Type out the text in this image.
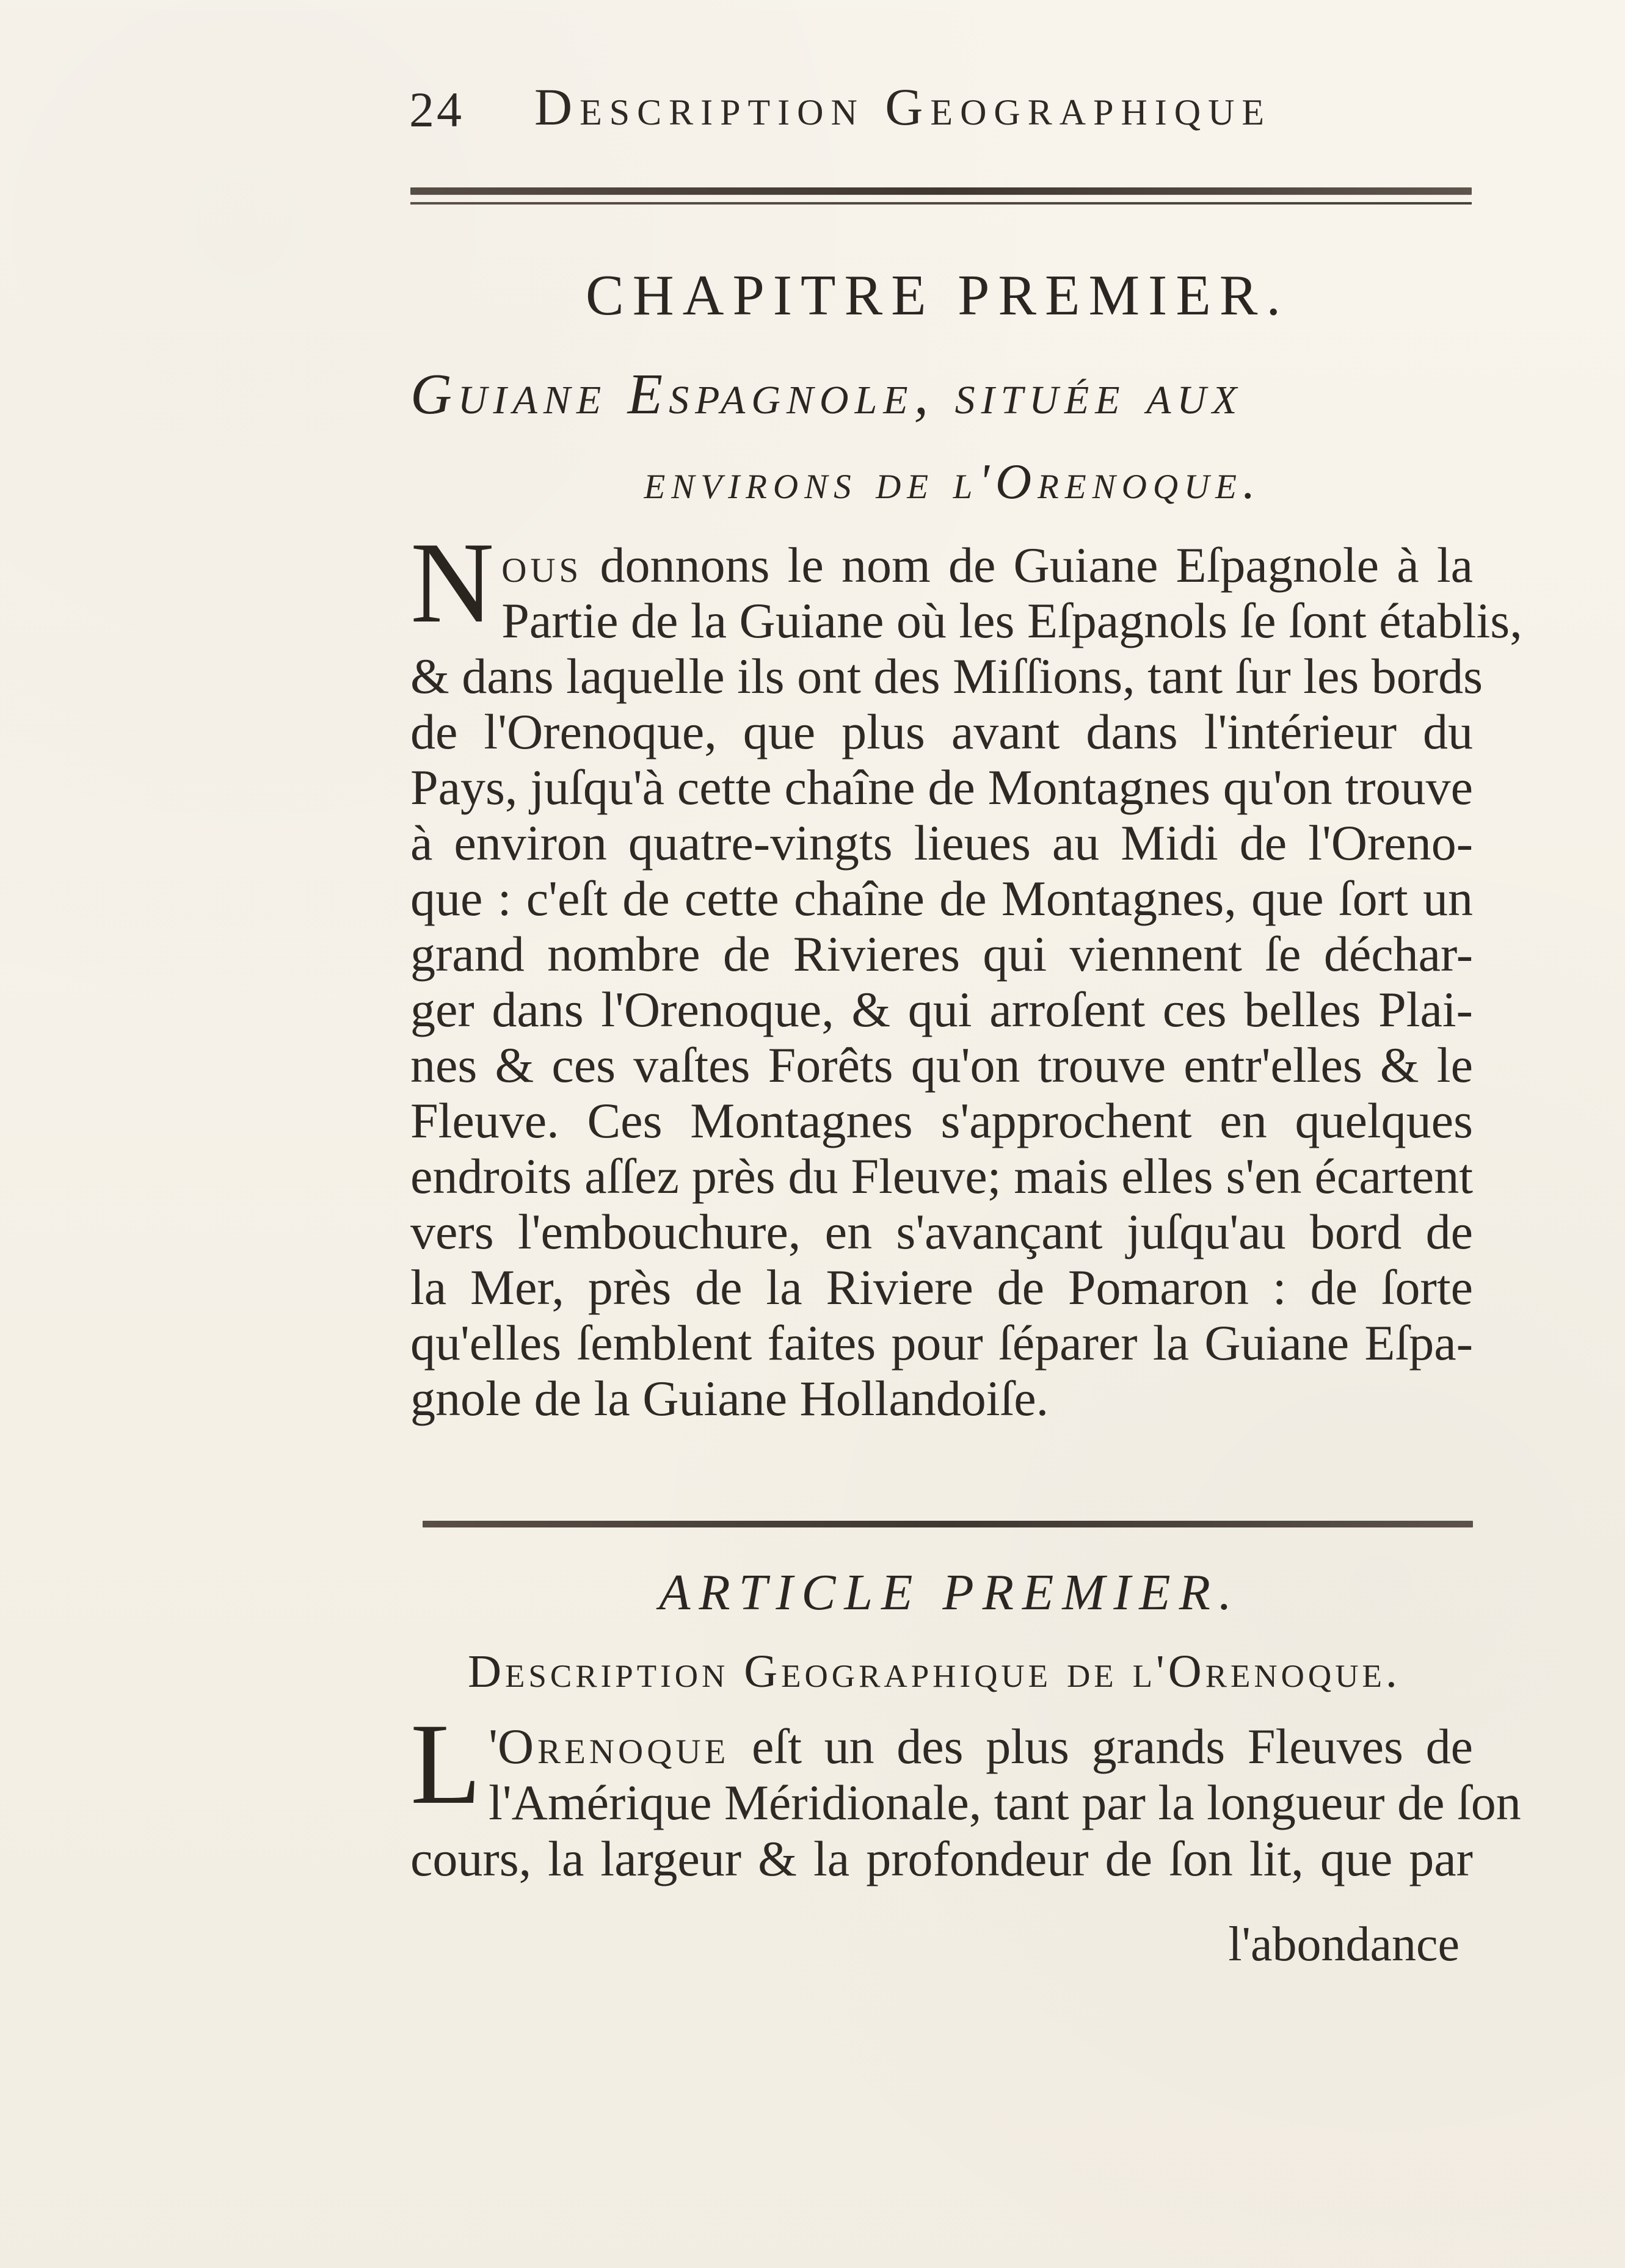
24 Description Geographique
CHAPITRE PREMIER.
Guiane Espagnole, située aux
environs de l'Orenoque.
N ous donnons le nom de Guiane Eſpagnole à la
Partie de la Guiane où les Eſpagnols ſe ſont établis,
& dans laquelle ils ont des Miſſions, tant ſur les bords
de l'Orenoque, que plus avant dans l'intérieur du
Pays, juſqu'à cette chaîne de Montagnes qu'on trouve
à environ quatre-vingts lieues au Midi de l'Oreno-
que : c'eſt de cette chaîne de Montagnes, que ſort un
grand nombre de Rivieres qui viennent ſe déchar-
ger dans l'Orenoque, & qui arroſent ces belles Plai-
nes & ces vaſtes Forêts qu'on trouve entr'elles & le
Fleuve. Ces Montagnes s'approchent en quelques
endroits aſſez près du Fleuve; mais elles s'en écartent
vers l'embouchure, en s'avançant juſqu'au bord de
la Mer, près de la Riviere de Pomaron : de ſorte
qu'elles ſemblent faites pour ſéparer la Guiane Eſpa-
gnole de la Guiane Hollandoiſe.
ARTICLE PREMIER.
Description Geographique de l'Orenoque.
L 'Orenoque eſt un des plus grands Fleuves de
l'Amérique Méridionale, tant par la longueur de ſon
cours, la largeur & la profondeur de ſon lit, que par
l'abondance
